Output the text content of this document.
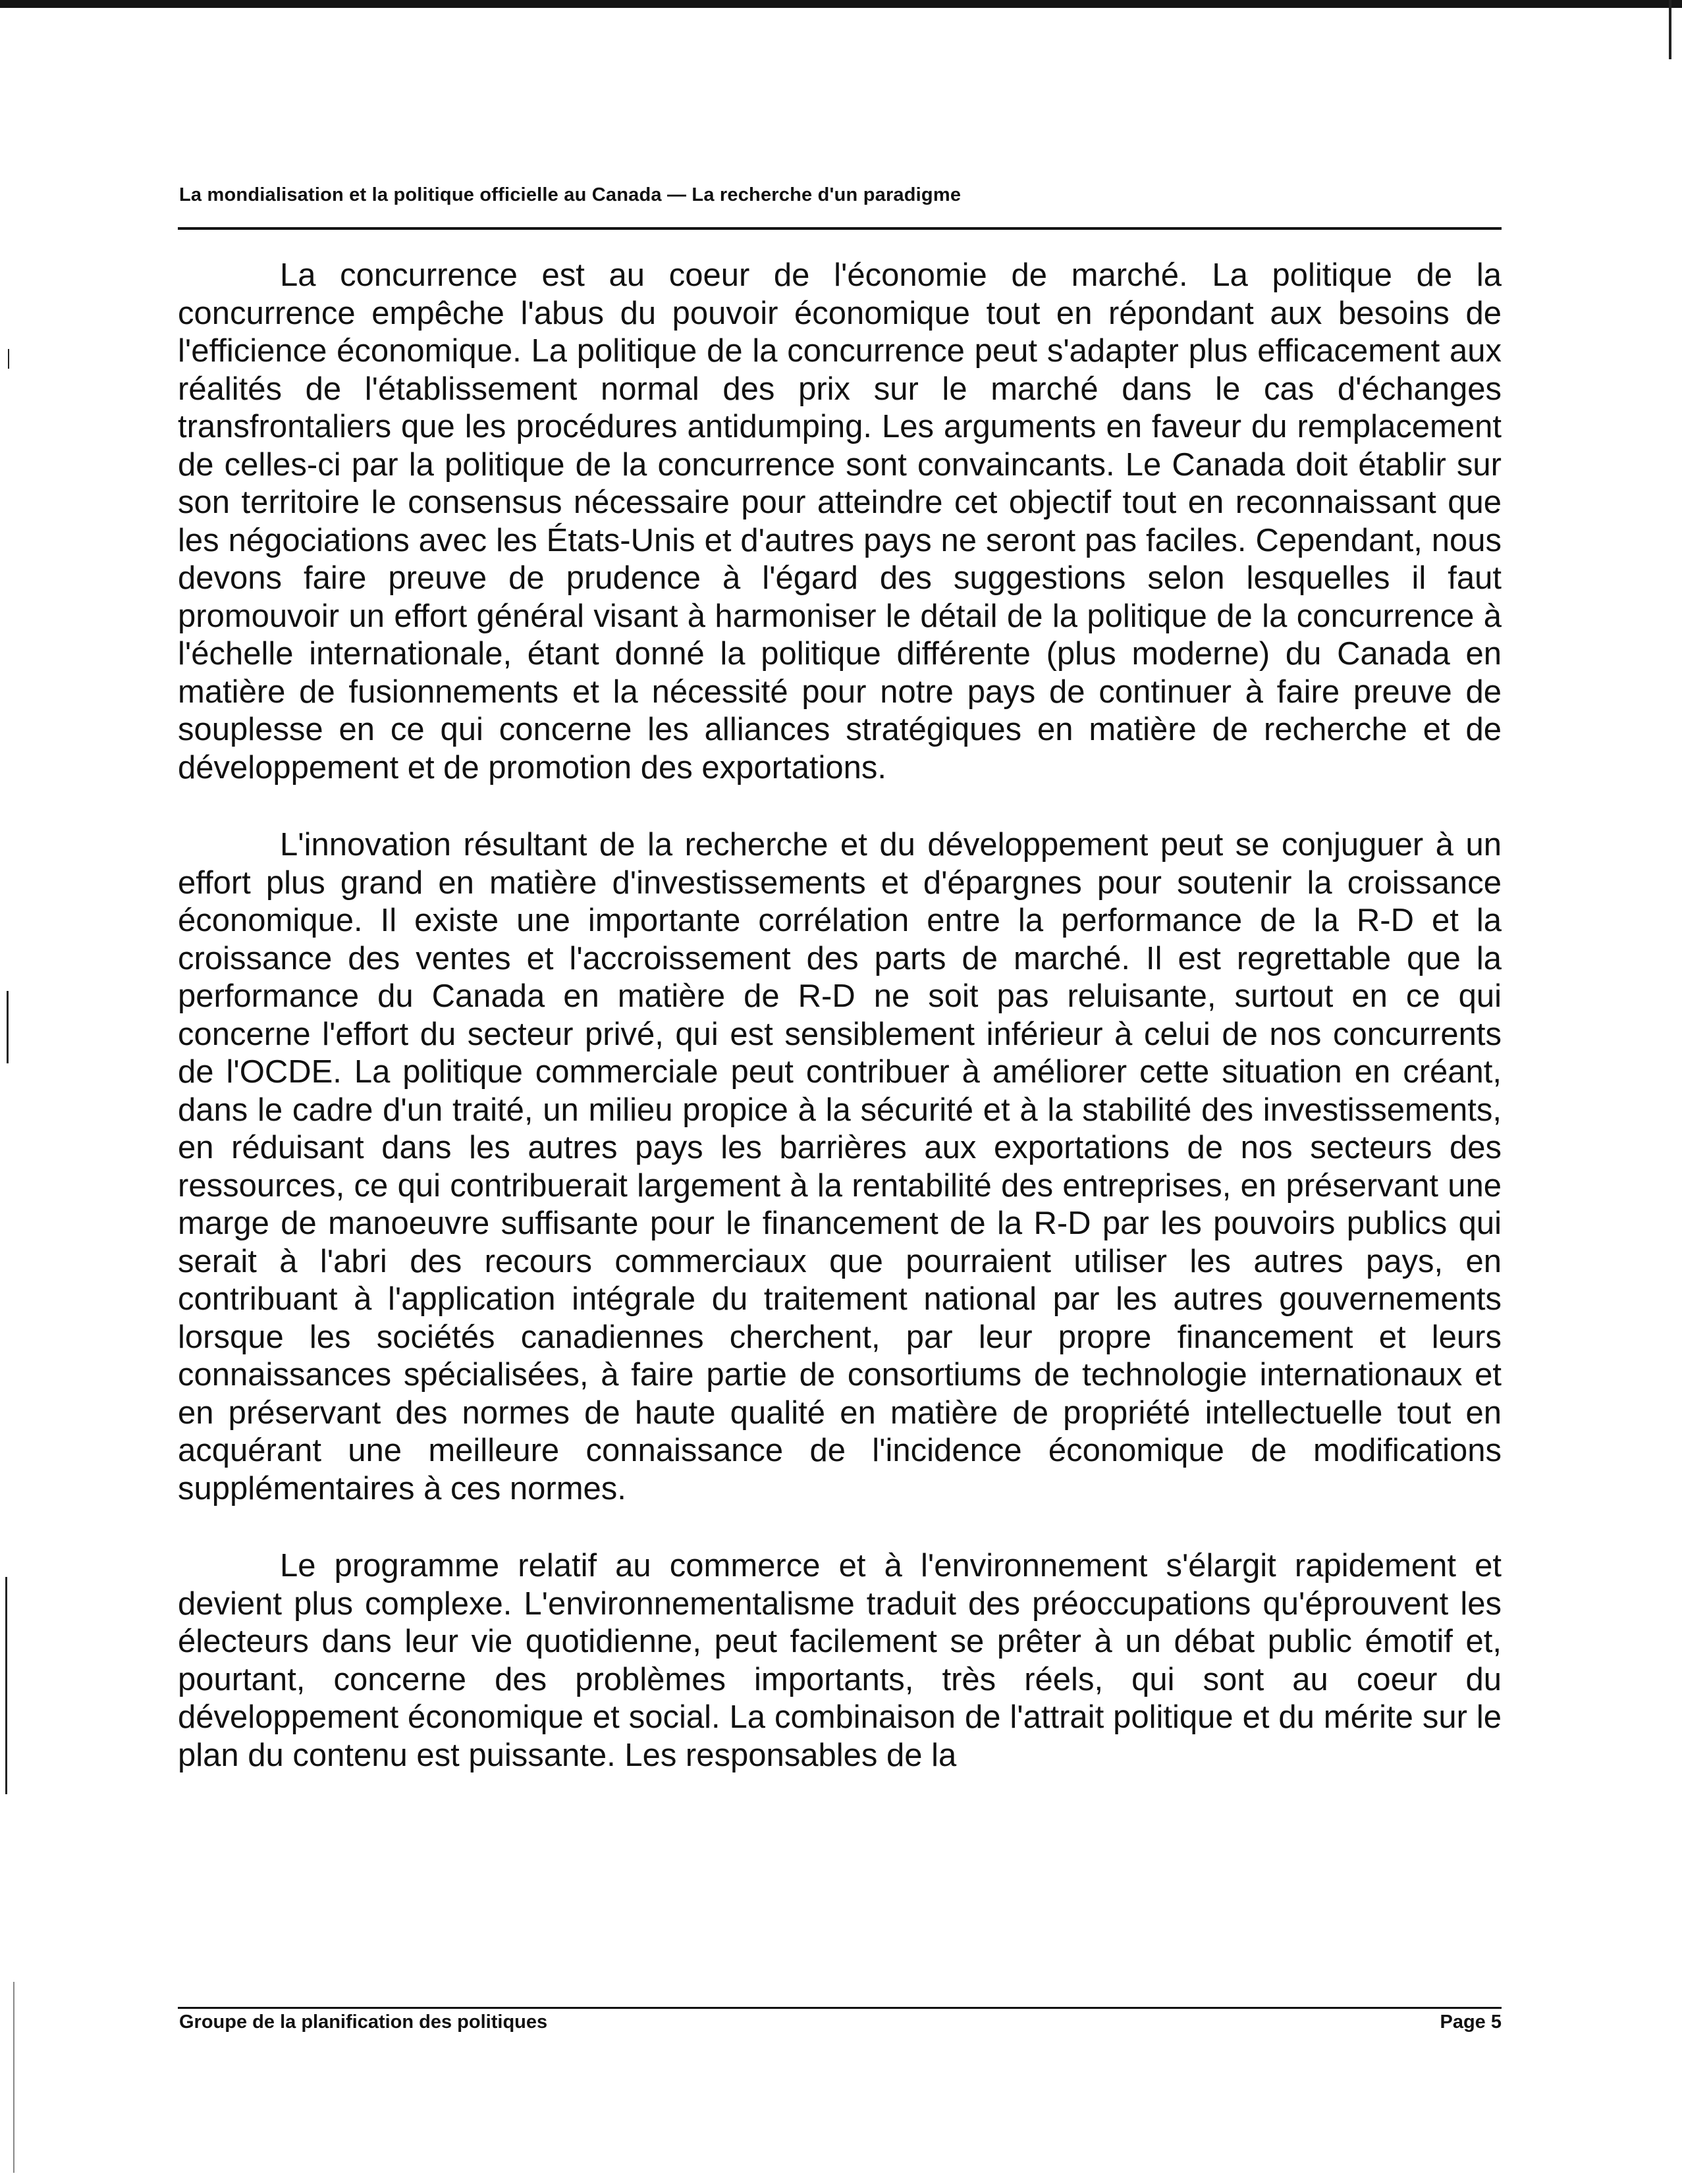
La mondialisation et la politique officielle au Canada — La recherche d'un paradigme

La concurrence est au coeur de l'économie de marché. La politique de la concurrence empêche l'abus du pouvoir économique tout en répondant aux besoins de l'efficience économique. La politique de la concurrence peut s'adapter plus efficacement aux réalités de l'établissement normal des prix sur le marché dans le cas d'échanges transfrontaliers que les procédures antidumping. Les arguments en faveur du remplacement de celles-ci par la politique de la concurrence sont convaincants. Le Canada doit établir sur son territoire le consensus nécessaire pour atteindre cet objectif tout en reconnaissant que les négociations avec les États-Unis et d'autres pays ne seront pas faciles. Cependant, nous devons faire preuve de prudence à l'égard des suggestions selon lesquelles il faut promouvoir un effort général visant à harmoniser le détail de la politique de la concurrence à l'échelle internationale, étant donné la politique différente (plus moderne) du Canada en matière de fusionnements et la nécessité pour notre pays de continuer à faire preuve de souplesse en ce qui concerne les alliances stratégiques en matière de recherche et de développement et de promotion des exportations.

L'innovation résultant de la recherche et du développement peut se conjuguer à un effort plus grand en matière d'investissements et d'épargnes pour soutenir la croissance économique. Il existe une importante corrélation entre la performance de la R-D et la croissance des ventes et l'accroissement des parts de marché. Il est regrettable que la performance du Canada en matière de R-D ne soit pas reluisante, surtout en ce qui concerne l'effort du secteur privé, qui est sensiblement inférieur à celui de nos concurrents de l'OCDE. La politique commerciale peut contribuer à améliorer cette situation en créant, dans le cadre d'un traité, un milieu propice à la sécurité et à la stabilité des investissements, en réduisant dans les autres pays les barrières aux exportations de nos secteurs des ressources, ce qui contribuerait largement à la rentabilité des entreprises, en préservant une marge de manoeuvre suffisante pour le financement de la R-D par les pouvoirs publics qui serait à l'abri des recours commerciaux que pourraient utiliser les autres pays, en contribuant à l'application intégrale du traitement national par les autres gouvernements lorsque les sociétés canadiennes cherchent, par leur propre financement et leurs connaissances spécialisées, à faire partie de consortiums de technologie internationaux et en préservant des normes de haute qualité en matière de propriété intellectuelle tout en acquérant une meilleure connaissance de l'incidence économique de modifications supplémentaires à ces normes.

Le programme relatif au commerce et à l'environnement s'élargit rapidement et devient plus complexe. L'environnementalisme traduit des préoccupations qu'éprouvent les électeurs dans leur vie quotidienne, peut facilement se prêter à un débat public émotif et, pourtant, concerne des problèmes importants, très réels, qui sont au coeur du développement économique et social. La combinaison de l'attrait politique et du mérite sur le plan du contenu est puissante. Les responsables de la

Groupe de la planification des politiques	Page 5
